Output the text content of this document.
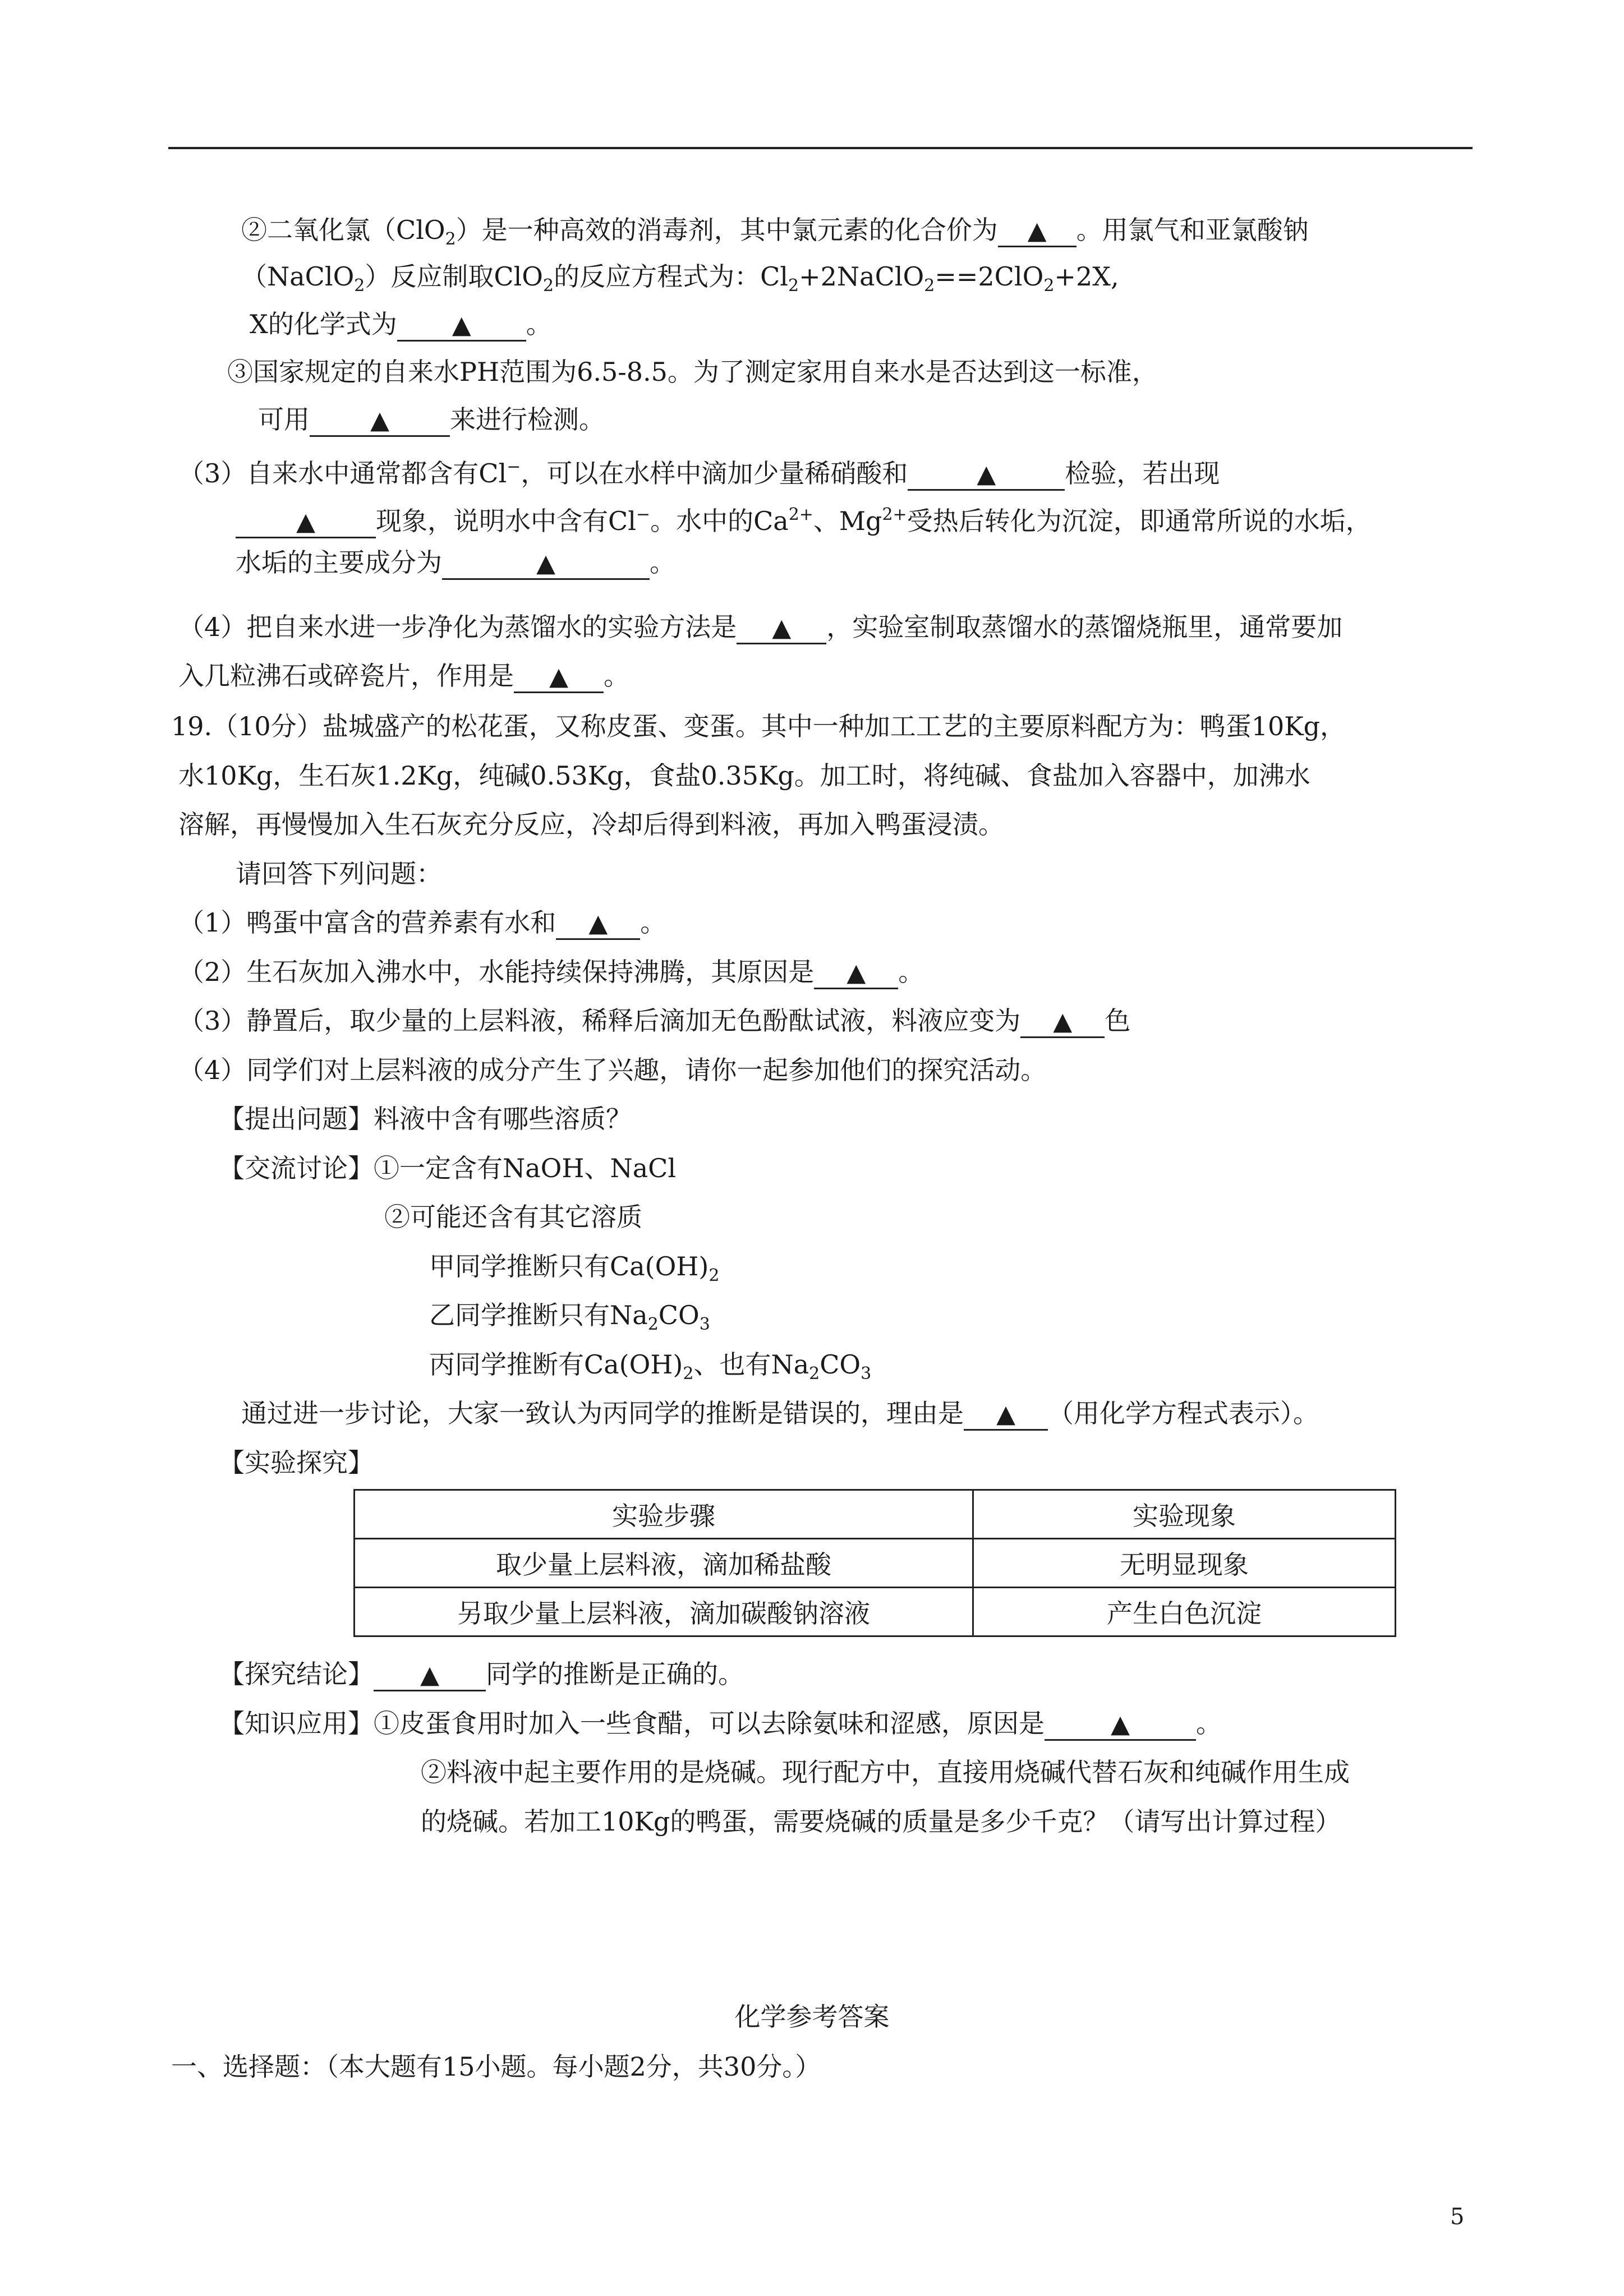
②二氧化氯（ClO$_2$）是一种高效的消毒剂，其中氯元素的化合价为 ▲	。用氯气和亚氯酸钠
（NaClO$_2$）反应制取ClO$_2$的反应方程式为：$Cl_2+2NaClO_2==2ClO_2+2X$,
X的化学式为 ▲	。
③国家规定的自来水PH范围为6.5-8.5。为了测定家用自来水是否达到这一标准，
可用 ▲	来进行检测。
（3）自来水中通常都含有Cl−，可以在水样中滴加少量稀硝酸和 ▲	检验，若出现
▲现象，说明水中含有Cl−。水中的$Ca^{2+}$、$Mg^{2+}$受热后转化为沉淀，即通常所说的水垢，
水垢的主要成分为 ▲	。
（4）把自来水进一步净化为蒸馏水的实验方法是 ▲	，实验室制取蒸馏水的蒸馏烧瓶里，通常要加
入几粒沸石或碎瓷片，作用是 ▲	。
19.（10分）盐城盛产的松花蛋，又称皮蛋、变蛋。其中一种加工工艺的主要原料配方为：鸭蛋10Kg，
水10Kg，生石灰1.2Kg，纯碱0.53Kg，食盐0.35Kg。加工时，将纯碱、食盐加入容器中，加沸水
溶解，再慢慢加入生石灰充分反应，冷却后得到料液，再加入鸭蛋浸渍。
请回答下列问题：
（1）鸭蛋中富含的营养素有水和 ▲	。
（2）生石灰加入沸水中，水能持续保持沸腾，其原因是 ▲	。
（3）静置后，取少量的上层料液，稀释后滴加无色酚酞试液，料液应变为 ▲	色
（4）同学们对上层料液的成分产生了兴趣，请你一起参加他们的探究活动。
【提出问题】料液中含有哪些溶质？
【交流讨论】①一定含有NaOH、NaCl
②可能还含有其它溶质
甲同学推断只有$Ca(OH)_2$
乙同学推断只有$Na_2CO_3$
丙同学推断有$Ca(OH)_2$、也有$Na_2CO_3$
通过进一步讨论，大家一致认为丙同学的推断是错误的，理由是 ▲	（用化学方程式表示）。
【实验探究】
实验步骤	实验现象
取少量上层料液，滴加稀盐酸	无明显现象
另取少量上层料液，滴加碳酸钠溶液	产生白色沉淀
【探究结论】 ▲	同学的推断是正确的。
【知识应用】①皮蛋食用时加入一些食醋，可以去除氨味和涩感，原因是 ▲	。
②料液中起主要作用的是烧碱。现行配方中，直接用烧碱代替石灰和纯碱作用生成
的烧碱。若加工10Kg的鸭蛋，需要烧碱的质量是多少千克？（请写出计算过程）
化学参考答案
一、选择题：（本大题有15小题。每小题2分，共30分。）
5
